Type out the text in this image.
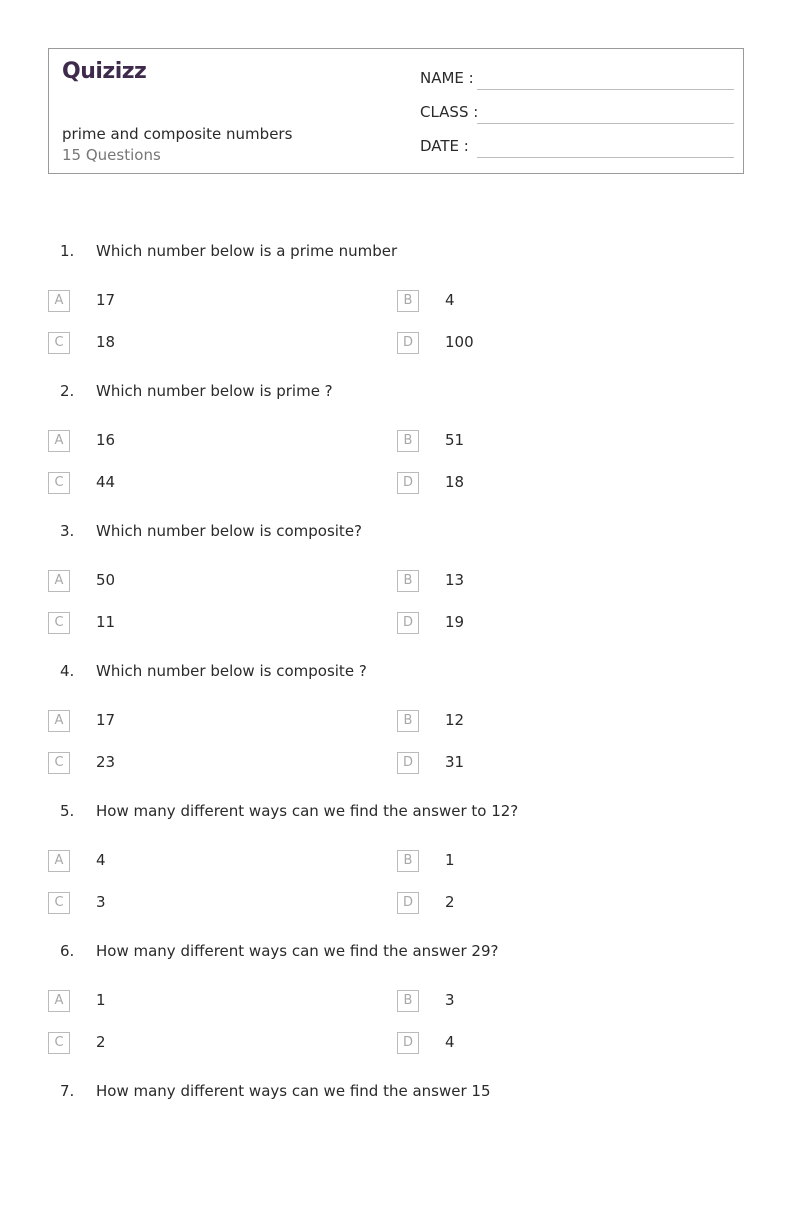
Quizizz
prime and composite numbers
15 Questions
NAME :
CLASS :
DATE :
1. Which number below is a prime number
A	17	B	4
C	18	D	100
2. Which number below is prime ?
A	16	B	51
C	44	D	18
3. Which number below is composite?
A	50	B	13
C	11	D	19
4. Which number below is composite ?
A	17	B	12
C	23	D	31
5. How many different ways can we find the answer to 12?
A	4	B	1
C	3	D	2
6. How many different ways can we find the answer 29?
A	1	B	3
C	2	D	4
7. How many different ways can we find the answer 15
